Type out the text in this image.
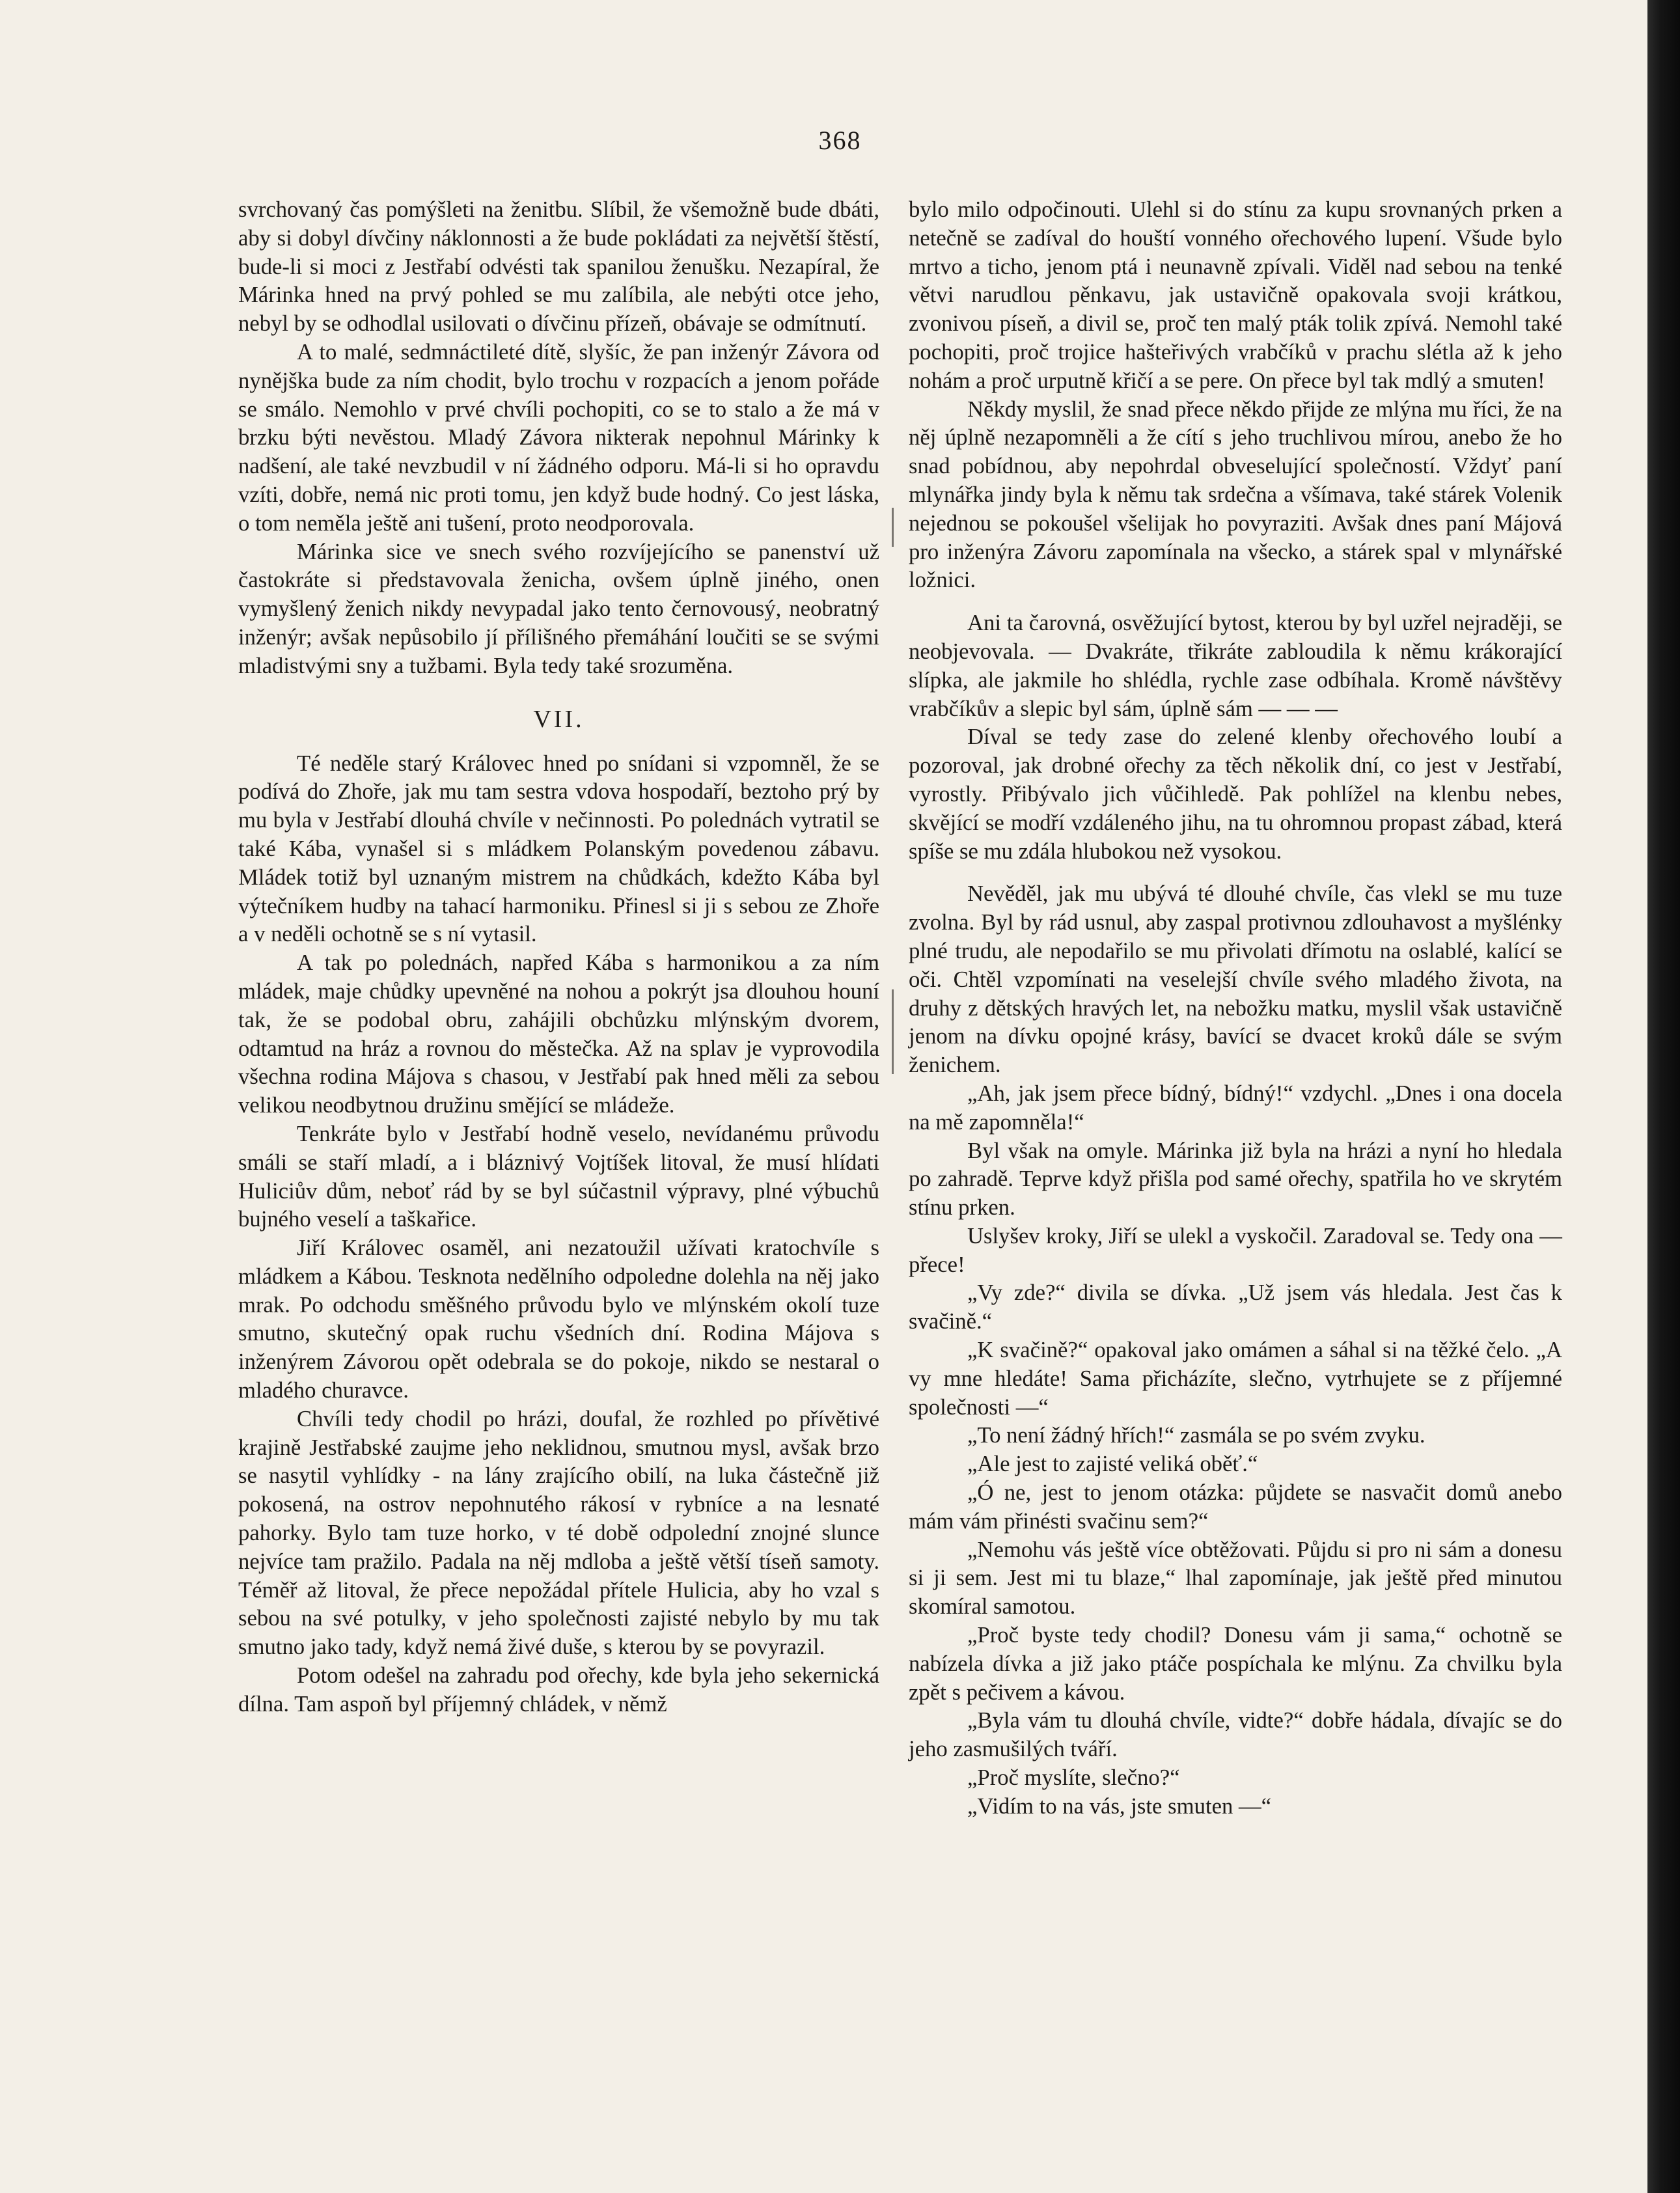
368

svrchovaný čas pomýšleti na ženitbu. Slíbil, že všemožně bude dbáti, aby si dobyl dívčiny náklonnosti a že bude pokládati za největší štěstí, bude-li si moci z Jestřabí odvésti tak spanilou ženušku. Nezapíral, že Márinka hned na prvý pohled se mu zalíbila, ale nebýti otce jeho, nebyl by se odhodlal usilovati o dívčinu přízeň, obávaje se odmítnutí.

A to malé, sedmnáctileté dítě, slyšíc, že pan inženýr Závora od nynějška bude za ním chodit, bylo trochu v rozpacích a jenom pořáde se smálo. Nemohlo v prvé chvíli pochopiti, co se to stalo a že má v brzku býti nevěstou. Mladý Závora nikterak nepohnul Márinky k nadšení, ale také nevzbudil v ní žádného odporu. Má-li si ho opravdu vzíti, dobře, nemá nic proti tomu, jen když bude hodný. Co jest láska, o tom neměla ještě ani tušení, proto neodporovala.

Márinka sice ve snech svého rozvíjejícího se panenství už častokráte si představovala ženicha, ovšem úplně jiného, onen vymyšlený ženich nikdy nevypadal jako tento černovousý, neobratný inženýr; avšak nepůsobilo jí přílišného přemáhání loučiti se se svými mladistvými sny a tužbami. Byla tedy také srozuměna.

VII.

Té neděle starý Královec hned po snídani si vzpomněl, že se podívá do Zhoře, jak mu tam sestra vdova hospodaří, beztoho prý by mu byla v Jestřabí dlouhá chvíle v nečinnosti. Po polednách vytratil se také Kába, vynašel si s mládkem Polanským povedenou zábavu. Mládek totiž byl uznaným mistrem na chůdkách, kdežto Kába byl výtečníkem hudby na tahací harmoniku. Přinesl si ji s sebou ze Zhoře a v neděli ochotně se s ní vytasil.

A tak po polednách, napřed Kába s harmonikou a za ním mládek, maje chůdky upevněné na nohou a pokrýt jsa dlouhou houní tak, že se podobal obru, zahájili obchůzku mlýnským dvorem, odtamtud na hráz a rovnou do městečka. Až na splav je vyprovodila všechna rodina Májova s chasou, v Jestřabí pak hned měli za sebou velikou neodbytnou družinu smějící se mládeže.

Tenkráte bylo v Jestřabí hodně veselo, nevídanému průvodu smáli se staří mladí, a i bláznivý Vojtíšek litoval, že musí hlídati Huliciův dům, neboť rád by se byl súčastnil výpravy, plné výbuchů bujného veselí a taškařice.

Jiří Královec osaměl, ani nezatoužil užívati kratochvíle s mládkem a Kábou. Tesknota nedělního odpoledne dolehla na něj jako mrak. Po odchodu směšného průvodu bylo ve mlýnském okolí tuze smutno, skutečný opak ruchu všedních dní. Rodina Májova s inženýrem Závorou opět odebrala se do pokoje, nikdo se nestaral o mladého churavce.

Chvíli tedy chodil po hrázi, doufal, že rozhled po přívětivé krajině Jestřabské zaujme jeho neklidnou, smutnou mysl, avšak brzo se nasytil vyhlídky - na lány zrajícího obilí, na luka částečně již pokosená, na ostrov nepohnutého rákosí v rybníce a na lesnaté pahorky. Bylo tam tuze horko, v té době odpolední znojné slunce nejvíce tam pražilo. Padala na něj mdloba a ještě větší tíseň samoty. Téměř až litoval, že přece nepožádal přítele Hulicia, aby ho vzal s sebou na své potulky, v jeho společnosti zajisté nebylo by mu tak smutno jako tady, když nemá živé duše, s kterou by se povyrazil.

Potom odešel na zahradu pod ořechy, kde byla jeho sekernická dílna. Tam aspoň byl příjemný chládek, v němž

bylo milo odpočinouti. Ulehl si do stínu za kupu srovnaných prken a netečně se zadíval do houští vonného ořechového lupení. Všude bylo mrtvo a ticho, jenom ptá i neunavně zpívali. Viděl nad sebou na tenké větvi narudlou pěnkavu, jak ustavičně opakovala svoji krátkou, zvonivou píseň, a divil se, proč ten malý pták tolik zpívá. Nemohl také pochopiti, proč trojice hašteřivých vrabčíků v prachu slétla až k jeho nohám a proč urputně křičí a se pere. On přece byl tak mdlý a smuten!

Někdy myslil, že snad přece někdo přijde ze mlýna mu říci, že na něj úplně nezapomněli a že cítí s jeho truchlivou mírou, anebo že ho snad pobídnou, aby nepohrdal obveselující společností. Vždyť paní mlynářka jindy byla k němu tak srdečna a všímava, také stárek Volenik nejednou se pokoušel všelijak ho povyraziti. Avšak dnes paní Májová pro inženýra Závoru zapomínala na všecko, a stárek spal v mlynářské ložnici.

Ani ta čarovná, osvěžující bytost, kterou by byl uzřel nejraději, se neobjevovala. — Dvakráte, třikráte zabloudila k němu krákorající slípka, ale jakmile ho shlédla, rychle zase odbíhala. Kromě návštěvy vrabčíkův a slepic byl sám, úplně sám — — —

Díval se tedy zase do zelené klenby ořechového loubí a pozoroval, jak drobné ořechy za těch několik dní, co jest v Jestřabí, vyrostly. Přibývalo jich vůčihledě. Pak pohlížel na klenbu nebes, skvějící se modří vzdáleného jihu, na tu ohromnou propast zábad, která spíše se mu zdála hlubokou než vysokou.

Nevěděl, jak mu ubývá té dlouhé chvíle, čas vlekl se mu tuze zvolna. Byl by rád usnul, aby zaspal protivnou zdlouhavost a myšlénky plné trudu, ale nepodařilo se mu přivolati dřímotu na oslablé, kalící se oči. Chtěl vzpomínati na veselejší chvíle svého mladého života, na druhy z dětských hravých let, na nebožku matku, myslil však ustavičně jenom na dívku opojné krásy, bavící se dvacet kroků dále se svým ženichem.

„Ah, jak jsem přece bídný, bídný!“ vzdychl. „Dnes i ona docela na mě zapomněla!“

Byl však na omyle. Márinka již byla na hrázi a nyní ho hledala po zahradě. Teprve když přišla pod samé ořechy, spatřila ho ve skrytém stínu prken.

Uslyšev kroky, Jiří se ulekl a vyskočil. Zaradoval se. Tedy ona — přece!

„Vy zde?“ divila se dívka. „Už jsem vás hledala. Jest čas k svačině.“

„K svačině?“ opakoval jako omámen a sáhal si na těžké čelo. „A vy mne hledáte! Sama přicházíte, slečno, vytrhujete se z příjemné společnosti —“

„To není žádný hřích!“ zasmála se po svém zvyku.

„Ale jest to zajisté veliká oběť.“

„Ó ne, jest to jenom otázka: půjdete se nasvačit domů anebo mám vám přinésti svačinu sem?“

„Nemohu vás ještě více obtěžovati. Půjdu si pro ni sám a donesu si ji sem. Jest mi tu blaze,“ lhal zapomínaje, jak ještě před minutou skomíral samotou.

„Proč byste tedy chodil? Donesu vám ji sama,“ ochotně se nabízela dívka a již jako ptáče pospíchala ke mlýnu. Za chvilku byla zpět s pečivem a kávou.

„Byla vám tu dlouhá chvíle, vidte?“ dobře hádala, dívajíc se do jeho zasmušilých tváří.

„Proč myslíte, slečno?“

„Vidím to na vás, jste smuten —“
